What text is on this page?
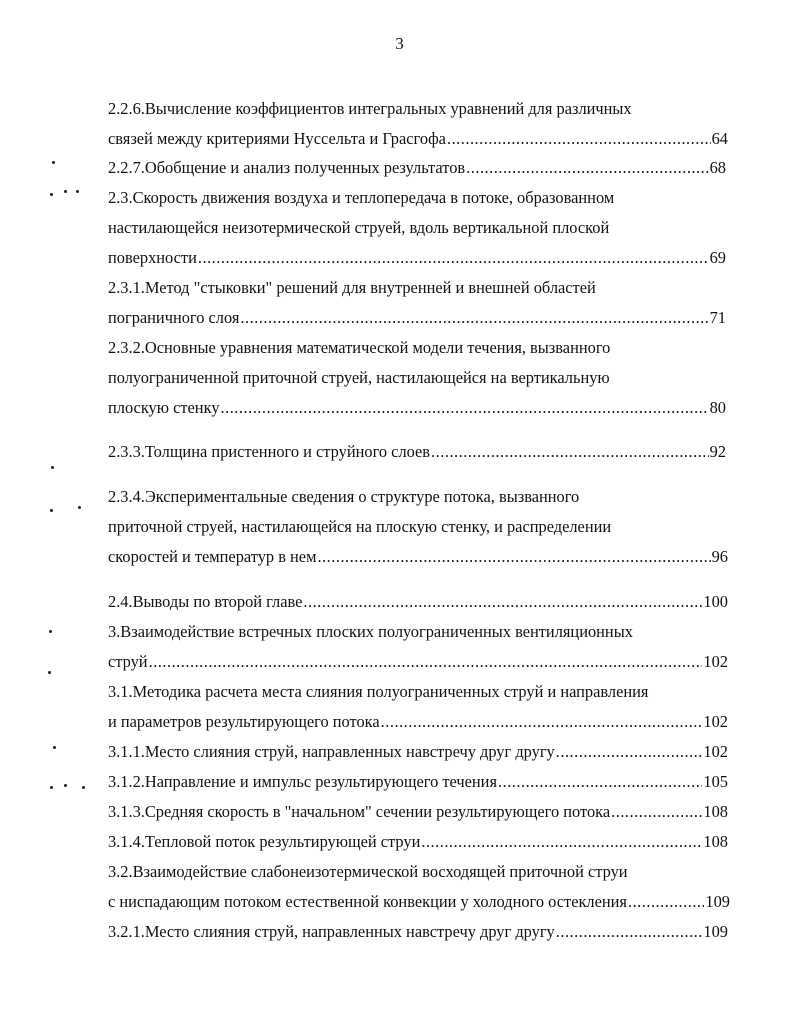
3
2.2.6.Вычисление коэффициентов интегральных уравнений для различных
связей между критериями Нуссельта и Грасгофа .....	64
2.2.7.Обобщение и анализ полученных результатов .....	68
2.3.Скорость движения воздуха и теплопередача в потоке, образованном
настилающейся неизотермической струей, вдоль вертикальной плоской
поверхности .....	69
2.3.1.Метод "стыковки" решений для внутренней и внешней областей
пограничного слоя .....	71
2.3.2.Основные уравнения математической модели течения, вызванного
полуограниченной приточной струей, настилающейся на вертикальную
плоскую стенку .....	80
2.3.3.Толщина пристенного и струйного слоев .....	92
2.3.4.Экспериментальные сведения о структуре потока, вызванного
приточной струей, настилающейся на плоскую стенку, и распределении
скоростей и температур в нем .....	96
2.4.Выводы по второй главе .....	100
3.Взаимодействие встречных плоских полуограниченных вентиляционных
струй .....	102
3.1.Методика расчета места слияния полуограниченных струй и направления
и параметров результирующего потока .....	102
3.1.1.Место слияния струй, направленных навстречу друг другу .....	102
3.1.2.Направление и импульс результирующего течения .....	105
3.1.3.Средняя скорость в "начальном" сечении результирующего потока .....	108
3.1.4.Тепловой поток результирующей струи .....	108
3.2.Взаимодействие слабонеизотермической восходящей приточной струи
с ниспадающим потоком естественной конвекции у холодного остекления .....	109
3.2.1.Место слияния струй, направленных навстречу друг другу .....	109
